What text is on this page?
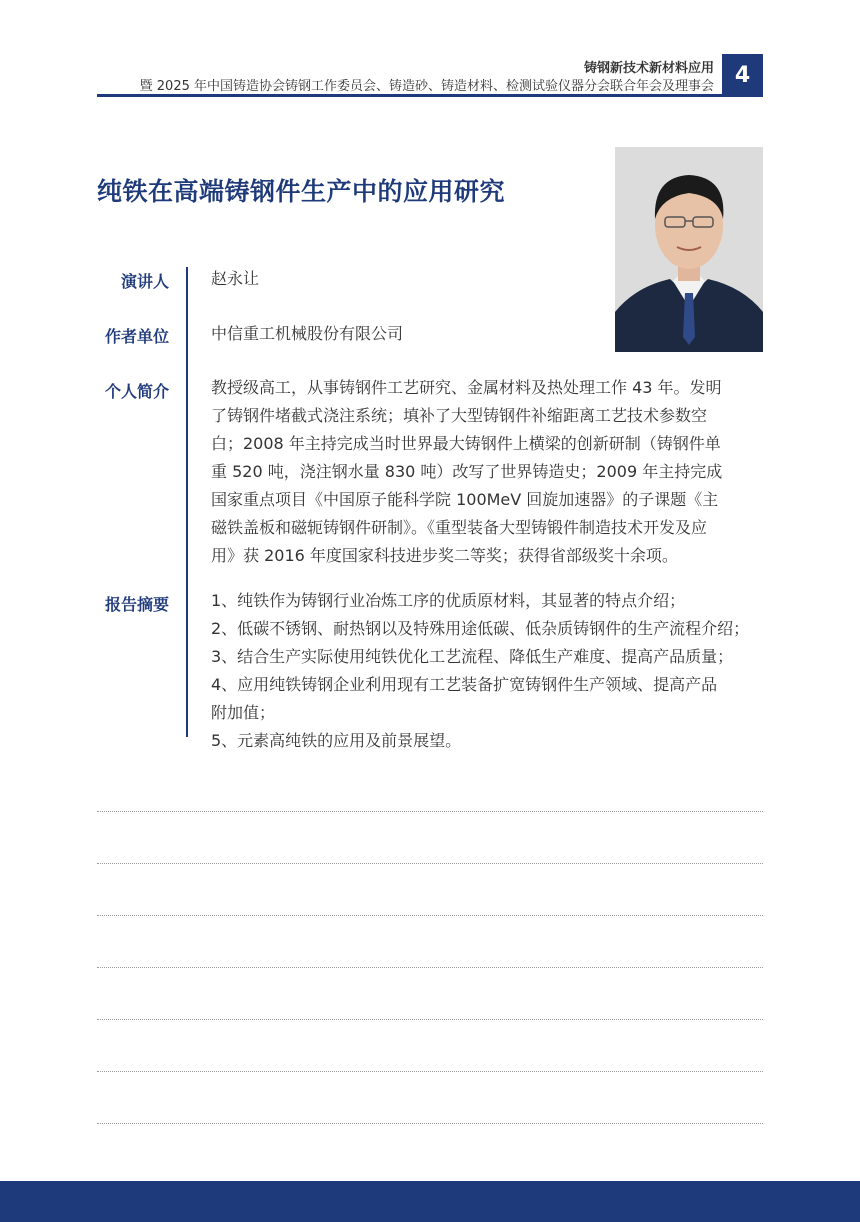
铸钢新技术新材料应用
暨 2025 年中国铸造协会铸钢工作委员会、铸造砂、铸造材料、检测试验仪器分会联合年会及理事会 4
纯铁在高端铸钢件生产中的应用研究
演讲人	赵永让
作者单位	中信重工机械股份有限公司
个人简介	教授级高工，从事铸钢件工艺研究、金属材料及热处理工作 43 年。发明

了铸钢件堵截式浇注系统；填补了大型铸钢件补缩距离工艺技术参数空

白；2008 年主持完成当时世界最大铸钢件上横梁的创新研制（铸钢件单

重 520 吨，浇注钢水量 830 吨）改写了世界铸造史；2009 年主持完成

国家重点项目《中国原子能科学院 100MeV 回旋加速器》的子课题《主

磁铁盖板和磁轭铸钢件研制》。《重型装备大型铸锻件制造技术开发及应

用》获 2016 年度国家科技进步奖二等奖；获得省部级奖十余项。

报告摘要	1、纯铁作为铸钢行业冶炼工序的优质原材料，其显著的特点介绍；

2、低碳不锈钢、耐热钢以及特殊用途低碳、低杂质铸钢件的生产流程介绍；

3、结合生产实际使用纯铁优化工艺流程、降低生产难度、提高产品质量；

4、应用纯铁铸钢企业利用现有工艺装备扩宽铸钢件生产领域、提高产品

附加值；

5、元素高纯铁的应用及前景展望。
